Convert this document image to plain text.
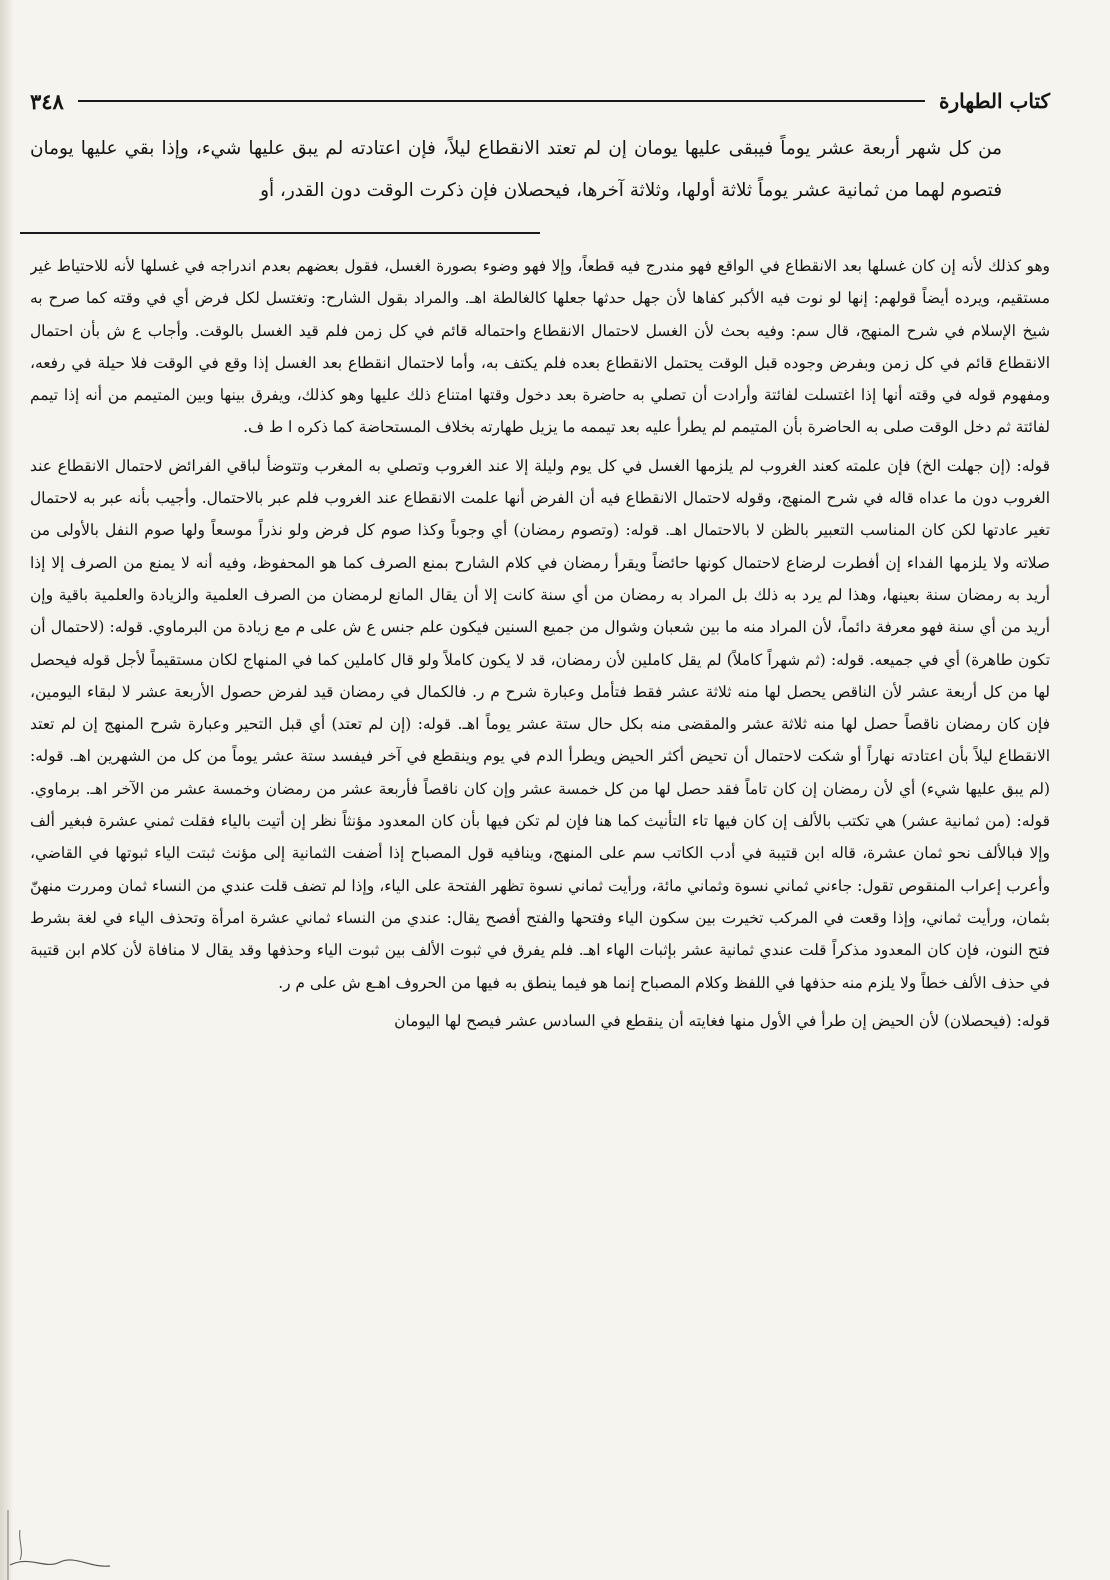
كتاب الطهارة
٣٤٨

من كل شهر أربعة عشر يوماً فيبقى عليها يومان إن لم تعتد الانقطاع ليلاً، فإن اعتادته لم يبق عليها شيء، وإذا بقي عليها يومان فتصوم لهما من ثمانية عشر يوماً ثلاثة أولها، وثلاثة آخرها، فيحصلان فإن ذكرت الوقت دون القدر، أو

وهو كذلك لأنه إن كان غسلها بعد الانقطاع في الواقع فهو مندرج فيه قطعاً، وإلا فهو وضوء بصورة الغسل، فقول بعضهم بعدم اندراجه في غسلها لأنه للاحتياط غير مستقيم، ويرده أيضاً قولهم: إنها لو نوت فيه الأكبر كفاها لأن جهل حدثها جعلها كالغالطة اهـ. والمراد بقول الشارح: وتغتسل لكل فرض أي في وقته كما صرح به شيخ الإسلام في شرح المنهج، قال سم: وفيه بحث لأن الغسل لاحتمال الانقطاع واحتماله قائم في كل زمن فلم قيد الغسل بالوقت. وأجاب ع ش بأن احتمال الانقطاع قائم في كل زمن وبفرض وجوده قبل الوقت يحتمل الانقطاع بعده فلم يكتف به، وأما لاحتمال انقطاع بعد الغسل إذا وقع في الوقت فلا حيلة في رفعه، ومفهوم قوله في وقته أنها إذا اغتسلت لفائتة وأرادت أن تصلي به حاضرة بعد دخول وقتها امتناع ذلك عليها وهو كذلك، ويفرق بينها وبين المتيمم من أنه إذا تيمم لفائتة ثم دخل الوقت صلى به الحاضرة بأن المتيمم لم يطرأ عليه بعد تيممه ما يزيل طهارته بخلاف المستحاضة كما ذكره ا ط ف.

قوله: (إن جهلت الخ) فإن علمته كعند الغروب لم يلزمها الغسل في كل يوم وليلة إلا عند الغروب وتصلي به المغرب وتتوضأ لباقي الفرائض لاحتمال الانقطاع عند الغروب دون ما عداه قاله في شرح المنهج، وقوله لاحتمال الانقطاع فيه أن الفرض أنها علمت الانقطاع عند الغروب فلم عبر بالاحتمال. وأجيب بأنه عبر به لاحتمال تغير عادتها لكن كان المناسب التعبير بالظن لا بالاحتمال اهـ. قوله: (وتصوم رمضان) أي وجوباً وكذا صوم كل فرض ولو نذراً موسعاً ولها صوم النفل بالأولى من صلاته ولا يلزمها الفداء إن أفطرت لرضاع لاحتمال كونها حائضاً ويقرأ رمضان في كلام الشارح بمنع الصرف كما هو المحفوظ، وفيه أنه لا يمنع من الصرف إلا إذا أريد به رمضان سنة بعينها، وهذا لم يرد به ذلك بل المراد به رمضان من أي سنة كانت إلا أن يقال المانع لرمضان من الصرف العلمية والزيادة والعلمية باقية وإن أريد من أي سنة فهو معرفة دائماً، لأن المراد منه ما بين شعبان وشوال من جميع السنين فيكون علم جنس ع ش على م مع زيادة من البرماوي. قوله: (لاحتمال أن تكون طاهرة) أي في جميعه. قوله: (ثم شهراً كاملاً) لم يقل كاملين لأن رمضان، قد لا يكون كاملاً ولو قال كاملين كما في المنهاج لكان مستقيماً لأجل قوله فيحصل لها من كل أربعة عشر لأن الناقص يحصل لها منه ثلاثة عشر فقط فتأمل وعبارة شرح م ر. فالكمال في رمضان قيد لفرض حصول الأربعة عشر لا لبقاء اليومين، فإن كان رمضان ناقصاً حصل لها منه ثلاثة عشر والمقضى منه بكل حال ستة عشر يوماً اهـ. قوله: (إن لم تعتد) أي قبل التحير وعبارة شرح المنهج إن لم تعتد الانقطاع ليلاً بأن اعتادته نهاراً أو شكت لاحتمال أن تحيض أكثر الحيض ويطرأ الدم في يوم وينقطع في آخر فيفسد ستة عشر يوماً من كل من الشهرين اهـ. قوله: (لم يبق عليها شيء) أي لأن رمضان إن كان تاماً فقد حصل لها من كل خمسة عشر وإن كان ناقصاً فأربعة عشر من رمضان وخمسة عشر من الآخر اهـ. برماوي. قوله: (من ثمانية عشر) هي تكتب بالألف إن كان فيها تاء التأنيث كما هنا فإن لم تكن فيها بأن كان المعدود مؤنثاً نظر إن أتيت بالياء فقلت ثمني عشرة فبغير ألف وإلا فبالألف نحو ثمان عشرة، قاله ابن قتيبة في أدب الكاتب سم على المنهج، وينافيه قول المصباح إذا أضفت الثمانية إلى مؤنث ثبتت الياء ثبوتها في القاضي، وأعرب إعراب المنقوص تقول: جاءني ثماني نسوة وثماني مائة، ورأيت ثماني نسوة تظهر الفتحة على الياء، وإذا لم تضف قلت عندي من النساء ثمان ومررت منهنّ بثمان، ورأيت ثماني، وإذا وقعت في المركب تخيرت بين سكون الياء وفتحها والفتح أفصح يقال: عندي من النساء ثماني عشرة امرأة وتحذف الياء في لغة بشرط فتح النون، فإن كان المعدود مذكراً قلت عندي ثمانية عشر بإثبات الهاء اهـ. فلم يفرق في ثبوت الألف بين ثبوت الياء وحذفها وقد يقال لا منافاة لأن كلام ابن قتيبة في حذف الألف خطاً ولا يلزم منه حذفها في اللفظ وكلام المصباح إنما هو فيما ينطق به فيها من الحروف اهـع ش على م ر.

قوله: (فيحصلان) لأن الحيض إن طرأ في الأول منها فغايته أن ينقطع في السادس عشر فيصح لها اليومان
